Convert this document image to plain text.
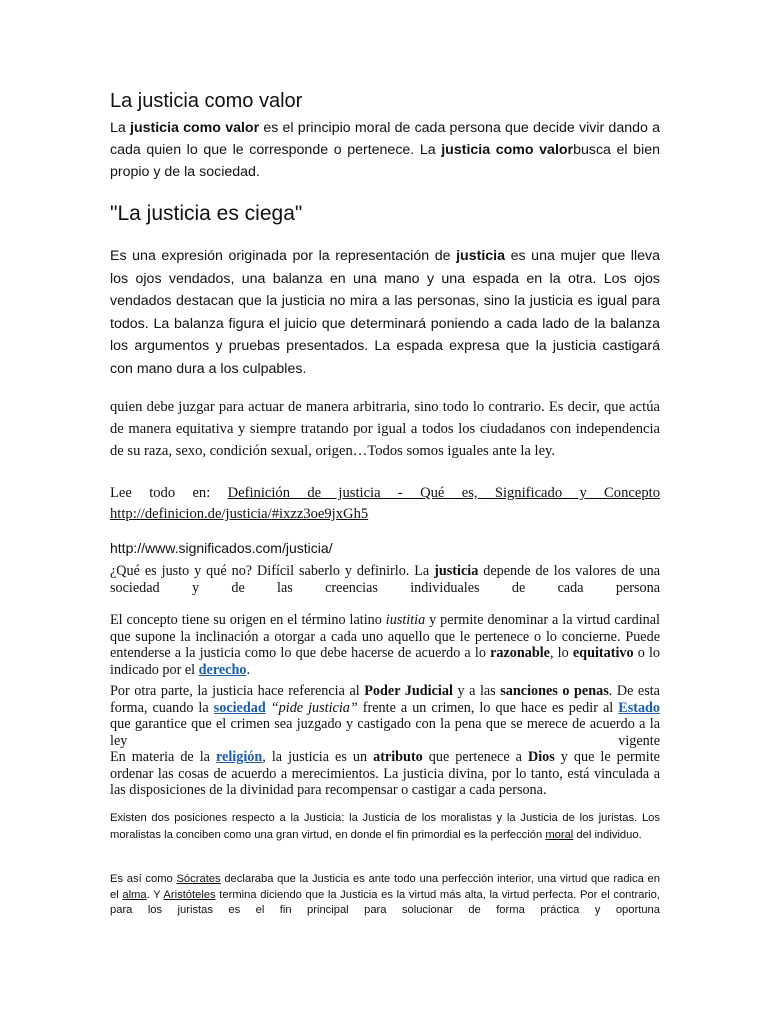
La justicia como valor

La justicia como valor es el principio moral de cada persona que decide vivir dando a cada quien lo que le corresponde o pertenece. La justicia como valorbusca el bien propio y de la sociedad.

"La justicia es ciega"

Es una expresión originada por la representación de justicia es una mujer que lleva los ojos vendados, una balanza en una mano y una espada en la otra. Los ojos vendados destacan que la justicia no mira a las personas, sino la justicia es igual para todos. La balanza figura el juicio que determinará poniendo a cada lado de la balanza los argumentos y pruebas presentados. La espada expresa que la justicia castigará con mano dura a los culpables.

quien debe juzgar para actuar de manera arbitraria, sino todo lo contrario. Es decir, que actúa de manera equitativa y siempre tratando por igual a todos los ciudadanos con independencia de su raza, sexo, condición sexual, origen…Todos somos iguales ante la ley.

Lee todo en: Definición de justicia - Qué es, Significado y Concepto http://definicion.de/justicia/#ixzz3oe9jxGh5

http://www.significados.com/justicia/

¿Qué es justo y qué no? Difícil saberlo y definirlo. La justicia depende de los valores de una sociedad y de las creencias individuales de cada persona

El concepto tiene su origen en el término latino iustitia y permite denominar a la virtud cardinal que supone la inclinación a otorgar a cada uno aquello que le pertenece o lo concierne. Puede entenderse a la justicia como lo que debe hacerse de acuerdo a lo razonable, lo equitativo o lo indicado por el derecho.

Por otra parte, la justicia hace referencia al Poder Judicial y a las sanciones o penas. De esta forma, cuando la sociedad “pide justicia” frente a un crimen, lo que hace es pedir al Estado que garantice que el crimen sea juzgado y castigado con la pena que se merece de acuerdo a la ley vigente
En materia de la religión, la justicia es un atributo que pertenece a Dios y que le permite ordenar las cosas de acuerdo a merecimientos. La justicia divina, por lo tanto, está vinculada a las disposiciones de la divinidad para recompensar o castigar a cada persona.

Existen dos posiciones respecto a la Justicia: la Justicia de los moralistas y la Justicia de los juristas. Los moralistas la conciben como una gran virtud, en donde el fin primordial es la perfección moral del individuo.

Es así como Sócrates declaraba que la Justicia es ante todo una perfección interior, una virtud que radica en el alma. Y Aristóteles termina diciendo que la Justicia es la virtud más alta, la virtud perfecta. Por el contrario, para los juristas es el fin principal para solucionar de forma práctica y oportuna
